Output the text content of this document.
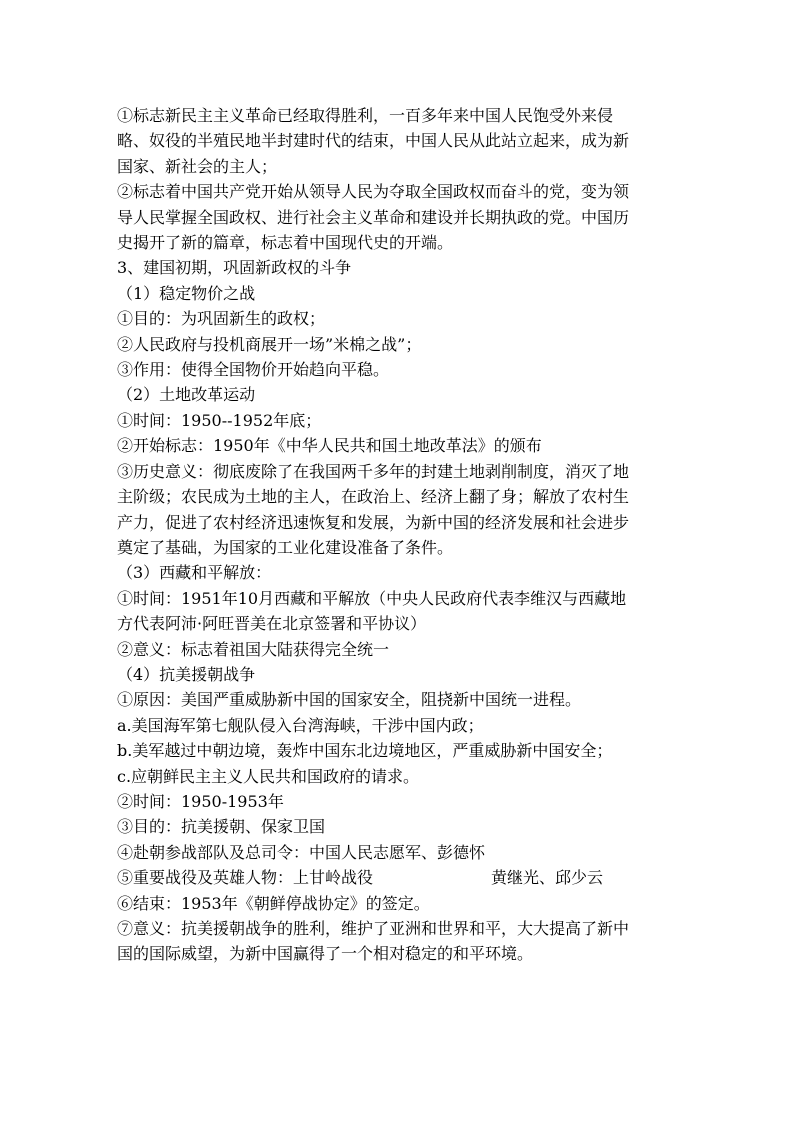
①标志新民主主义革命已经取得胜利，一百多年来中国人民饱受外来侵

略、奴役的半殖民地半封建时代的结束，中国人民从此站立起来，成为新

国家、新社会的主人；

②标志着中国共产党开始从领导人民为夺取全国政权而奋斗的党，变为领

导人民掌握全国政权、进行社会主义革命和建设并长期执政的党。中国历

史揭开了新的篇章，标志着中国现代史的开端。

3、建国初期，巩固新政权的斗争

（1）稳定物价之战

①目的：为巩固新生的政权；

②人民政府与投机商展开一场”米棉之战”；

③作用：使得全国物价开始趋向平稳。

（2）土地改革运动

①时间：1950--1952年底；

②开始标志：1950年《中华人民共和国土地改革法》的颁布

③历史意义：彻底废除了在我国两千多年的封建土地剥削制度，消灭了地

主阶级；农民成为土地的主人，在政治上、经济上翻了身；解放了农村生

产力，促进了农村经济迅速恢复和发展，为新中国的经济发展和社会进步

奠定了基础，为国家的工业化建设准备了条件。

（3）西藏和平解放：

①时间：1951年10月西藏和平解放（中央人民政府代表李维汉与西藏地

方代表阿沛·阿旺晋美在北京签署和平协议）

②意义：标志着祖国大陆获得完全统一

（4）抗美援朝战争

①原因：美国严重威胁新中国的国家安全，阻挠新中国统一进程。

a.美国海军第七舰队侵入台湾海峡，干涉中国内政；

b.美军越过中朝边境，轰炸中国东北边境地区，严重威胁新中国安全；

c.应朝鲜民主主义人民共和国政府的请求。

②时间：1950-1953年

③目的：抗美援朝、保家卫国

④赴朝参战部队及总司令：中国人民志愿军、彭德怀

⑤重要战役及英雄人物：上甘岭战役	黄继光、邱少云

⑥结束：1953年《朝鲜停战协定》的签定。

⑦意义：抗美援朝战争的胜利，维护了亚洲和世界和平，大大提高了新中

国的国际威望，为新中国赢得了一个相对稳定的和平环境。
